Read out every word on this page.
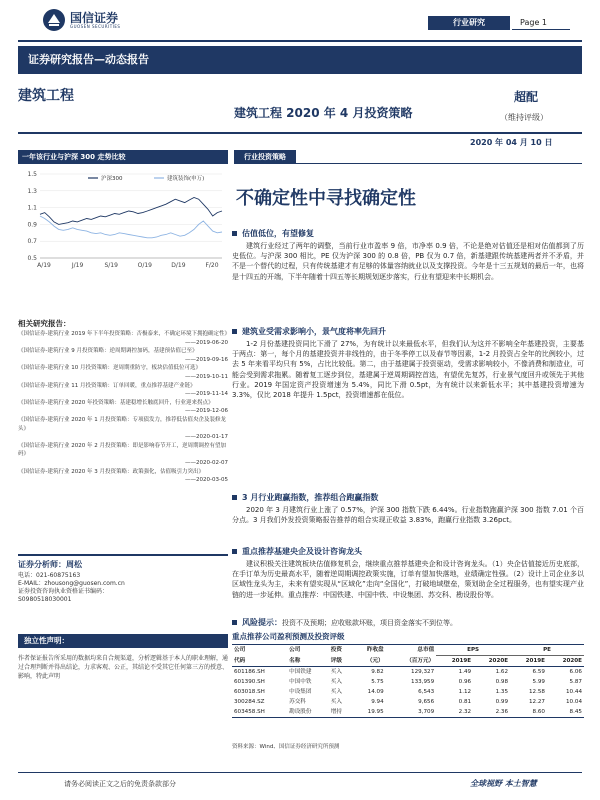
国信证券
GUOSEN SECURITIES	行业研究	Page 1
证券研究报告—动态报告
建筑工程
建筑工程 2020 年 4 月投资策略
超配
（维持评级）
2020 年 04 月 10 日
一年该行业与沪深 300 走势比较
1.5
1.3
1.1
0.9
0.7
0.5
A/19	J/19	S/19	O/19	D/19	F/20
沪深300	建筑装饰(申万)
相关研究报告：
《国信证券-建筑行业 2019 年下半年投资策略：否极泰来，不确定环境下拥抱确定性》
——2019-06-20
《国信证券-建筑行业 9 月投资策略：逆周期调控加码，基建预估值已至》
——2019-09-16
《国信证券-建筑行业 10 月投资策略：逆周期重防守，板块估值低位可选》
——2019-10-11
《国信证券-建筑行业 11 月投资策略：订单回暖，重点推荐基建产业链》
——2019-11-14
《国信证券-建筑行业 2020 年投资策略：基建稳增长触底回升，行业迎来拐点》
——2019-12-06
《国信证券-建筑行业 2020 年 1 月投资策略：专项债发力，推荐低估值央企及装修龙头》
——2020-01-17
《国信证券-建筑行业 2020 年 2 月投资策略：即是影响春节开工，逆周期调控有望加码》
——2020-02-07
《国信证券-建筑行业 2020 年 3 月投资策略：政策强化，估值吸引力突出》
——2020-03-05
证券分析师：周松
电话：021-60875163
E-MAIL：zhousong@guosen.com.cn
证券投资咨询执业资格证书编码：
S0980518030001
独立性声明：
作者保证报告所采用的数据均来自合规渠道，分析逻辑基于本人的职业理解，通过合理判断并得出结论，力求客观、公正，其结论不受其它任何第三方的授意、影响，特此声明
行业投资策略
不确定性中寻找确定性
估值低位，有望修复
建筑行业经过了两年的调整，当前行业市盈率 9 倍，市净率 0.9 倍，不论是绝对估值还是相对估值都到了历史低位。与沪深 300 相比，PE 仅为沪深 300 的 0.8 倍，PB 仅为 0.7 倍，新基建跟传统基建两者并不矛盾，并不是一个替代的过程，只有传统基建才有足够的体量容纳就业以及支撑投资。今年是十三五规划的最后一年，也将是十四五的开端，下半年随着十四五等长期规划逐步落实，行业有望迎来中长期机会。
建筑业受需求影响小，景气度将率先回升
1-2 月份基建投资同比下滑了 27%，为有统计以来最低水平，但我们认为这并不影响全年基建投资，主要基于两点：第一，每个月的基建投资并非线性的，由于冬季停工以及春节等因素，1-2 月投资占全年的比例较小，过去 5 年来看平均只有 5%，占比比较低。第二，由于基建属于投资驱动，受需求影响较小，不像消费和制造业，可能会受到需求拖累。随着复工逐步到位，基建属于逆周期调控首选，有望优先复苏，行业景气度回升或领先于其他行业。2019 年国定资产投资增速为 5.4%，同比下滑 0.5pt，为有统计以来新低水平；其中基建投资增速为 3.3%，仅比 2018 年提升 1.5pct，投资增速都在低位。
3 月行业跑赢指数，推荐组合跑赢指数
2020 年 3 月建筑行业上涨了 0.57%，沪深 300 指数下跌 6.44%。行业指数跑赢沪深 300 指数 7.01 个百分点。3 月我们外发投资策略报告推荐的组合实现正收益 3.83%，跑赢行业指数 3.26pct。
重点推荐基建央企及设计咨询龙头
建议积极关注建筑板块估值修复机会，继续重点推荐基建央企和设计咨询龙头。（1）央企估值接近历史底部，在手订单为历史最高水平，随着逆周期调控政策实施，订单有望加快落地，业绩确定性强。（2）设计上司企业多以区域性龙头为主，未来有望实现从“区域化”走向“全国化”，打破地域壁垒，策划助企全过程服务，也有望实现产业链的进一步延伸。重点推荐：中国铁建、中国中铁、中设集团、苏交科、勘设股份等。
风险提示：投资不及预期；应收账款坏账，项目资金落实不到位等。
重点推荐公司盈利预测及投资评级
公司	公司	投资	昨收盘	总市值	EPS		PE	
代码	名称	评级	（元）	（百万元）	2019E	2020E	2019E	2020E
601186.SH	中国铁建	买入	9.82	129,327	1.49	1.62	6.59	6.06
601390.SH	中国中铁	买入	5.75	133,959	0.96	0.98	5.99	5.87
603018.SH	中设集团	买入	14.09	6,543	1.12	1.35	12.58	10.44
300284.SZ	苏交科	买入	9.94	9,656	0.81	0.99	12.27	10.04
603458.SH	勘设股份	增持	19.95	3,709	2.32	2.36	8.60	8.45
资料来源：Wind、国信证券经济研究所预测
请务必阅读正文之后的免责条款部分	全球视野 本土智慧
